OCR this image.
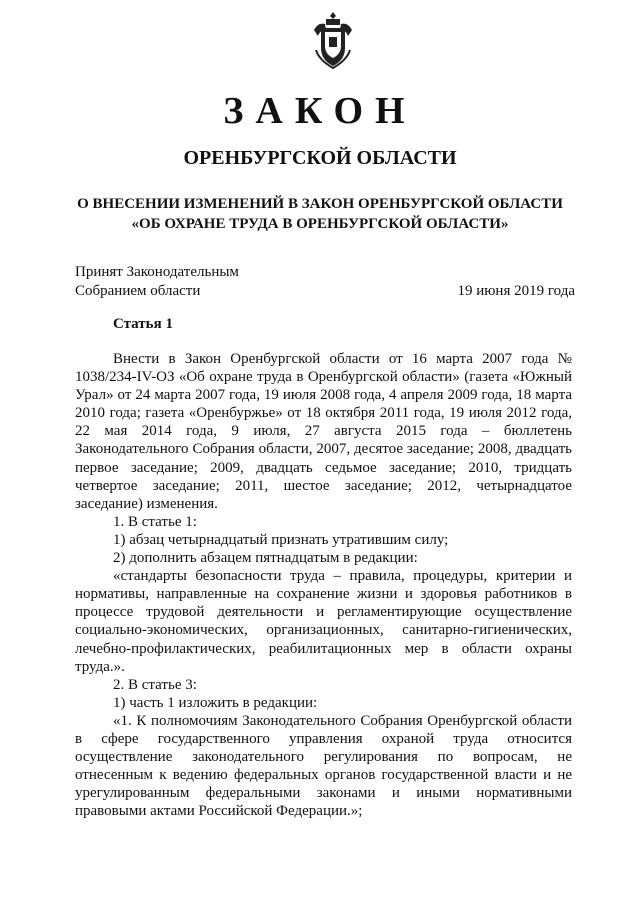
ЗАКОН
ОРЕНБУРГСКОЙ ОБЛАСТИ
О ВНЕСЕНИИ ИЗМЕНЕНИЙ В ЗАКОН ОРЕНБУРГСКОЙ ОБЛАСТИ
«ОБ ОХРАНЕ ТРУДА В ОРЕНБУРГСКОЙ ОБЛАСТИ»
Принят Законодательным
Собранием области	19 июня 2019 года
Статья 1

Внести в Закон Оренбургской области от 16 марта 2007 года № 1038/234-IV-ОЗ «Об охране труда в Оренбургской области» (газета «Южный Урал» от 24 марта 2007 года, 19 июля 2008 года, 4 апреля 2009 года, 18 марта 2010 года; газета «Оренбуржье» от 18 октября 2011 года, 19 июля 2012 года, 22 мая 2014 года, 9 июля, 27 августа 2015 года – бюллетень Законодательного Собрания области, 2007, десятое заседание; 2008, двадцать первое заседание; 2009, двадцать седьмое заседание; 2010, тридцать четвертое заседание; 2011, шестое заседание; 2012, четырнадцатое заседание) изменения.

1. В статье 1:

1) абзац четырнадцатый признать утратившим силу;

2) дополнить абзацем пятнадцатым в редакции:

«стандарты безопасности труда – правила, процедуры, критерии и нормативы, направленные на сохранение жизни и здоровья работников в процессе трудовой деятельности и регламентирующие осуществление социально-экономических, организационных, санитарно-гигиенических, лечебно-профилактических, реабилитационных мер в области охраны труда.».

2. В статье 3:

1) часть 1 изложить в редакции:

«1. К полномочиям Законодательного Собрания Оренбургской области в сфере государственного управления охраной труда относится осуществление законодательного регулирования по вопросам, не отнесенным к ведению федеральных органов государственной власти и не урегулированным федеральными законами и иными нормативными правовыми актами Российской Федерации.»;
